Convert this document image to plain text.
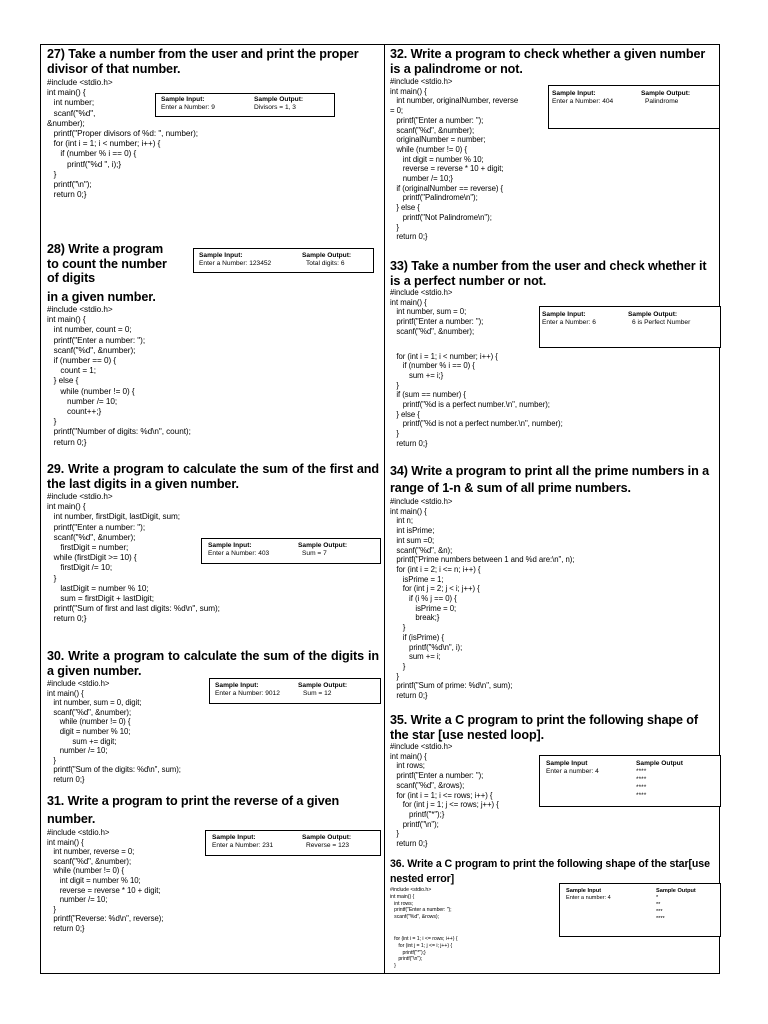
27) Take a number from the user and print the proper divisor of that number.
#include <stdio.h>
int main() {
int number;
scanf("%d",
&number);
printf("Proper divisors of %d: ", number);
for (int i = 1; i < number; i++) {
if (number % i == 0) {
printf("%d ", i);}
}
printf("\n");
return 0;}
Sample Input:
Enter a Number: 9
Sample Output:
Divisors = 1, 3
28) Write a program
to count the number
of digits
in a given number.
#include <stdio.h>
int main() {
int number, count = 0;
printf("Enter a number: ");
scanf("%d", &number);
if (number == 0) {
count = 1;
} else {
while (number != 0) {
number /= 10;
count++;}
}
printf("Number of digits: %d\n", count);
return 0;}
Sample Input:
Enter a Number: 123452
Sample Output:
Total digits: 6
29. Write a program to calculate the sum of the first and the last digits in a given number.
#include <stdio.h>
int main() {
int number, firstDigit, lastDigit, sum;
printf("Enter a number: ");
scanf("%d", &number);
firstDigit = number;
while (firstDigit >= 10) {
firstDigit /= 10;
}
lastDigit = number % 10;
sum = firstDigit + lastDigit;
printf("Sum of first and last digits: %d\n", sum);
return 0;}
Sample Input:
Enter a Number: 403
Sample Output:
Sum = 7
30. Write a program to calculate the sum of the digits in a given number.
#include <stdio.h>
int main() {
int number, sum = 0, digit;
scanf("%d", &number);
while (number != 0) {
digit = number % 10;
sum += digit;
number /= 10;
}
printf("Sum of the digits: %d\n", sum);
return 0;}
Sample Input:
Enter a Number: 9012
Sample Output:
Sum = 12
31. Write a program to print the reverse of a given
number.
#include <stdio.h>
int main() {
int number, reverse = 0;
scanf("%d", &number);
while (number != 0) {
int digit = number % 10;
reverse = reverse * 10 + digit;
number /= 10;
}
printf("Reverse: %d\n", reverse);
return 0;}
Sample Input:
Enter a Number: 231
Sample Output:
Reverse = 123
32. Write a program to check whether a given number is a palindrome or not.
#include <stdio.h>
int main() {
int number, originalNumber, reverse
= 0;
printf("Enter a number: ");
scanf("%d", &number);
originalNumber = number;
while (number != 0) {
int digit = number % 10;
reverse = reverse * 10 + digit;
number /= 10;}
if (originalNumber == reverse) {
printf("Palindrome\n");
} else {
printf("Not Palindrome\n");
}
return 0;}
Sample Input:
Enter a Number: 404
Sample Output:
Palindrome
33) Take a number from the user and check whether it is a perfect number or not.
#include <stdio.h>
int main() {
int number, sum = 0;
printf("Enter a number: ");
scanf("%d", &number);
for (int i = 1; i < number; i++) {
if (number % i == 0) {
sum += i;}
}
if (sum == number) {
printf("%d is a perfect number.\n", number);
} else {
printf("%d is not a perfect number.\n", number);
}
return 0;}
Sample Input:
Enter a Number: 6
Sample Output:
6 is Perfect Number
34) Write a program to print all the prime numbers in a range of 1-n & sum of all prime numbers.
#include <stdio.h>
int main() {
int n;
int isPrime;
int sum =0;
scanf("%d", &n);
printf("Prime numbers between 1 and %d are:\n", n);
for (int i = 2; i <= n; i++) {
isPrime = 1;
for (int j = 2; j < i; j++) {
if (i % j == 0) {
isPrime = 0;
break;}
}
if (isPrime) {
printf("%d\n", i);
sum += i;
}
}
printf("Sum of prime: %d\n", sum);
return 0;}
35. Write a C program to print the following shape of the star [use nested loop].
#include <stdio.h>
int main() {
int rows;
printf("Enter a number: ");
scanf("%d", &rows);
for (int i = 1; i <= rows; i++) {
for (int j = 1; j <= rows; j++) {
printf("*");}
printf("\n");
}
return 0;}
Sample Input
Enter a number: 4
Sample Output
****
****
****
****
36. Write a C program to print the following shape of the star[use nested error]
#include <stdio.h>
int main() {
int rows;
printf("Enter a number: ");
scanf("%d", &rows);
for (int i = 1; i <= rows; i++) {
for (int j = 1; j <= i; j++) {
printf("*");}
printf("\n");
}
Sample Input
Enter a number: 4
Sample Output
*
**
***
****
